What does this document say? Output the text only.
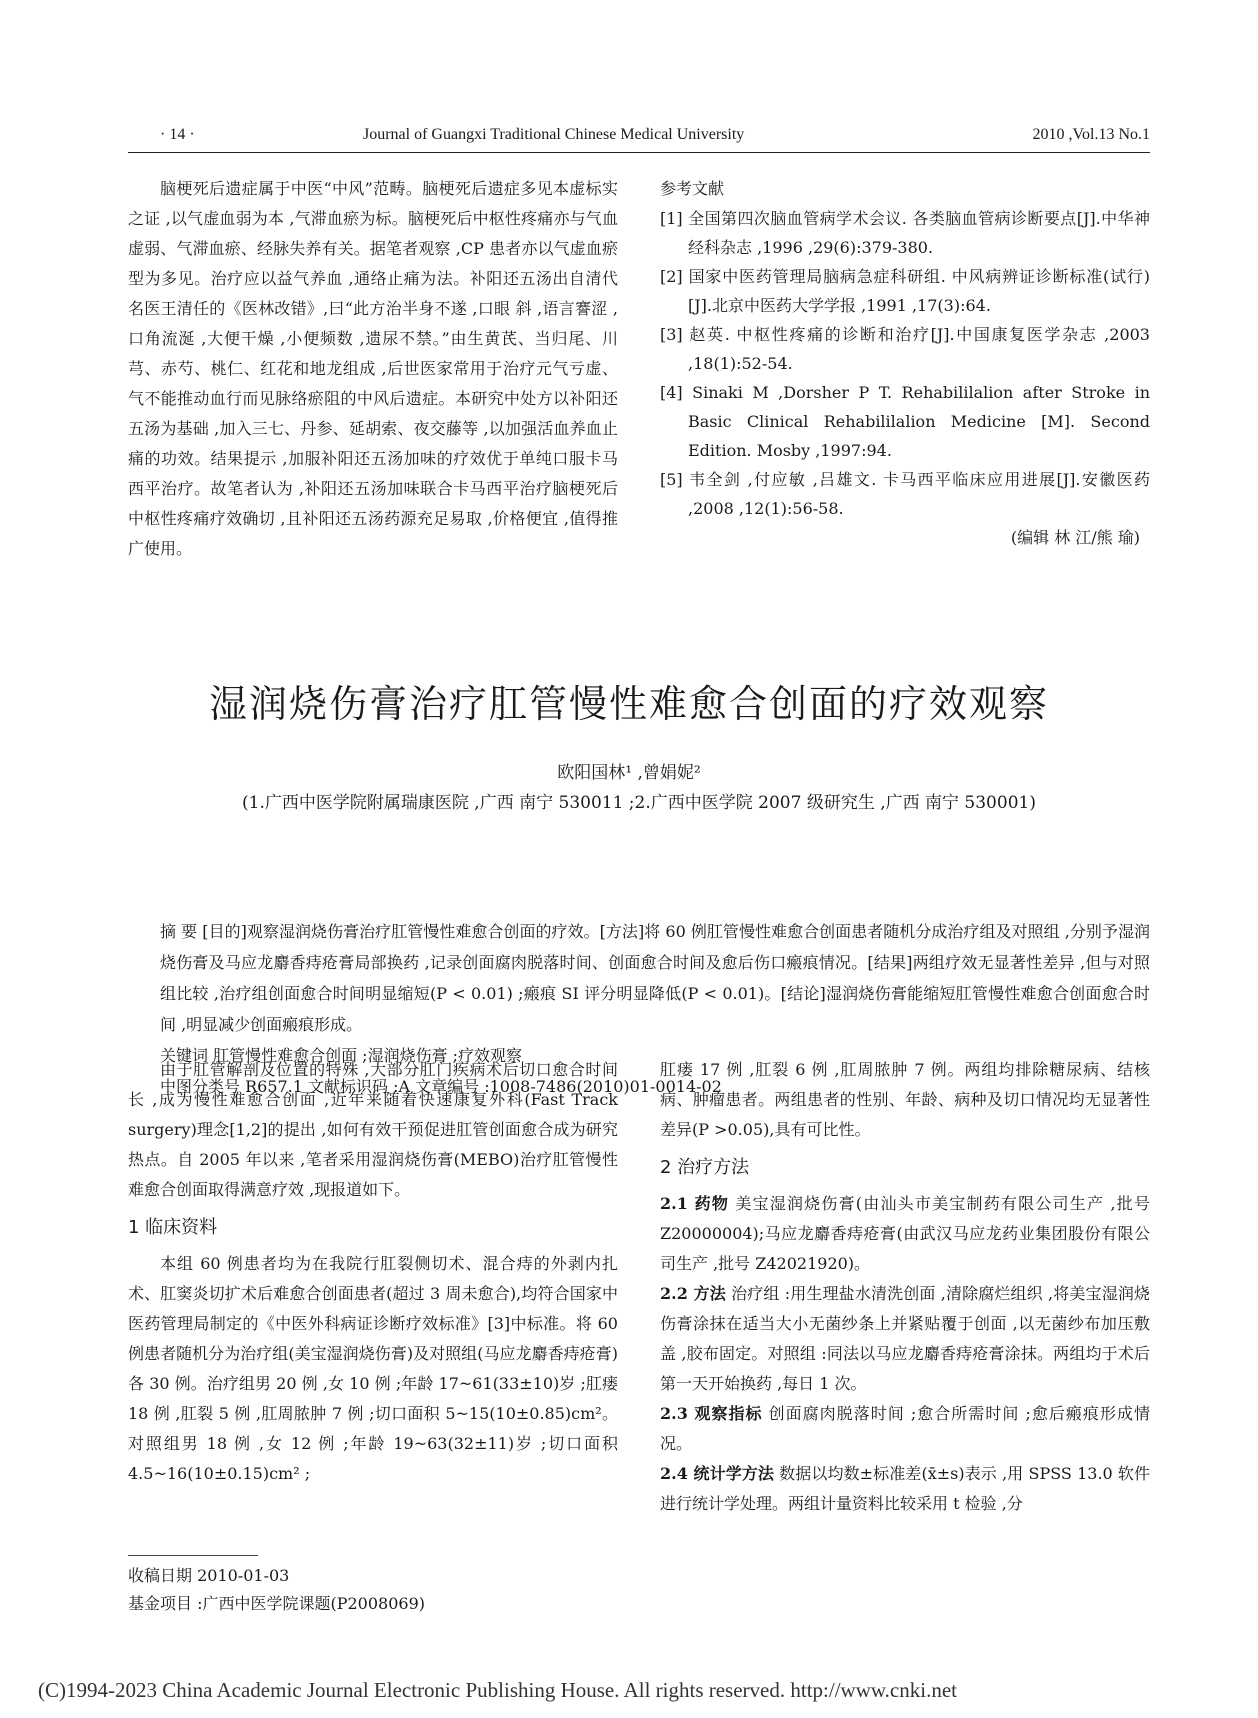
· 14 ·	Journal of Guangxi Traditional Chinese Medical University	2010 ,Vol.13 No.1

脑梗死后遗症属于中医“中风”范畴。脑梗死后遗症多见本虚标实之证 ,以气虚血弱为本 ,气滞血瘀为标。脑梗死后中枢性疼痛亦与气血虚弱、气滞血瘀、经脉失养有关。据笔者观察 ,CP 患者亦以气虚血瘀型为多见。治疗应以益气养血 ,通络止痛为法。补阳还五汤出自清代名医王清任的《医林改错》,曰“此方治半身不遂 ,口眼 斜 ,语言謇涩 ,口角流涎 ,大便干燥 ,小便频数 ,遗尿不禁。”由生黄芪、当归尾、川芎、赤芍、桃仁、红花和地龙组成 ,后世医家常用于治疗元气亏虚、气不能推动血行而见脉络瘀阻的中风后遗症。本研究中处方以补阳还五汤为基础 ,加入三七、丹参、延胡索、夜交藤等 ,以加强活血养血止痛的功效。结果提示 ,加服补阳还五汤加味的疗效优于单纯口服卡马西平治疗。故笔者认为 ,补阳还五汤加味联合卡马西平治疗脑梗死后中枢性疼痛疗效确切 ,且补阳还五汤药源充足易取 ,价格便宜 ,值得推广使用。

参考文献

[1] 全国第四次脑血管病学术会议. 各类脑血管病诊断要点[J].中华神经科杂志 ,1996 ,29(6):379-380.

[2] 国家中医药管理局脑病急症科研组. 中风病辨证诊断标准(试行)[J].北京中医药大学学报 ,1991 ,17(3):64.

[3] 赵英. 中枢性疼痛的诊断和治疗[J].中国康复医学杂志 ,2003 ,18(1):52-54.

[4] Sinaki M ,Dorsher P T. Rehabililalion after Stroke in Basic Clinical Rehabililalion Medicine [M]. Second Edition. Mosby ,1997:94.

[5] 韦全剑 ,付应敏 ,吕雄文. 卡马西平临床应用进展[J].安徽医药 ,2008 ,12(1):56-58.

(编辑 林 江/熊 瑜)

湿润烧伤膏治疗肛管慢性难愈合创面的疗效观察
欧阳国林¹ ,曾娟妮²
(1.广西中医学院附属瑞康医院 ,广西 南宁 530011 ;2.广西中医学院 2007 级研究生 ,广西 南宁 530001)

摘 要 [目的]观察湿润烧伤膏治疗肛管慢性难愈合创面的疗效。[方法]将 60 例肛管慢性难愈合创面患者随机分成治疗组及对照组 ,分别予湿润烧伤膏及马应龙麝香痔疮膏局部换药 ,记录创面腐肉脱落时间、创面愈合时间及愈后伤口瘢痕情况。[结果]两组疗效无显著性差异 ,但与对照组比较 ,治疗组创面愈合时间明显缩短(P < 0.01) ;瘢痕 SI 评分明显降低(P < 0.01)。[结论]湿润烧伤膏能缩短肛管慢性难愈合创面愈合时间 ,明显减少创面瘢痕形成。

关键词 肛管慢性难愈合创面 ;湿润烧伤膏 ;疗效观察

中图分类号 R657.1 文献标识码 :A 文章编号 :1008-7486(2010)01-0014-02

由于肛管解剖及位置的特殊 ,大部分肛门疾病术后切口愈合时间长 ,成为慢性难愈合创面 ,近年来随着快速康复外科(Fast Track surgery)理念[1,2]的提出 ,如何有效干预促进肛管创面愈合成为研究热点。自 2005 年以来 ,笔者采用湿润烧伤膏(MEBO)治疗肛管慢性难愈合创面取得满意疗效 ,现报道如下。

1 临床资料

本组 60 例患者均为在我院行肛裂侧切术、混合痔的外剥内扎术、肛窦炎切扩术后难愈合创面患者(超过 3 周未愈合),均符合国家中医药管理局制定的《中医外科病证诊断疗效标准》[3]中标准。将 60 例患者随机分为治疗组(美宝湿润烧伤膏)及对照组(马应龙麝香痔疮膏)各 30 例。治疗组男 20 例 ,女 10 例 ;年龄 17~61(33±10)岁 ;肛瘘 18 例 ,肛裂 5 例 ,肛周脓肿 7 例 ;切口面积 5~15(10±0.85)cm²。对照组男 18 例 ,女 12 例 ;年龄 19~63(32±11)岁 ;切口面积 4.5~16(10±0.15)cm² ;

肛瘘 17 例 ,肛裂 6 例 ,肛周脓肿 7 例。两组均排除糖尿病、结核病、肿瘤患者。两组患者的性别、年龄、病种及切口情况均无显著性差异(P >0.05),具有可比性。

2 治疗方法

2.1 药物 美宝湿润烧伤膏(由汕头市美宝制药有限公司生产 ,批号 Z20000004);马应龙麝香痔疮膏(由武汉马应龙药业集团股份有限公司生产 ,批号 Z42021920)。

2.2 方法 治疗组 :用生理盐水清洗创面 ,清除腐烂组织 ,将美宝湿润烧伤膏涂抹在适当大小无菌纱条上并紧贴覆于创面 ,以无菌纱布加压敷盖 ,胶布固定。对照组 :同法以马应龙麝香痔疮膏涂抹。两组均于术后第一天开始换药 ,每日 1 次。

2.3 观察指标 创面腐肉脱落时间 ;愈合所需时间 ;愈后瘢痕形成情况。

2.4 统计学方法 数据以均数±标准差(x̄±s)表示 ,用 SPSS 13.0 软件进行统计学处理。两组计量资料比较采用 t 检验 ,分

收稿日期 2010-01-03
基金项目 :广西中医学院课题(P2008069)
(C)1994-2023 China Academic Journal Electronic Publishing House. All rights reserved. http://www.cnki.net
